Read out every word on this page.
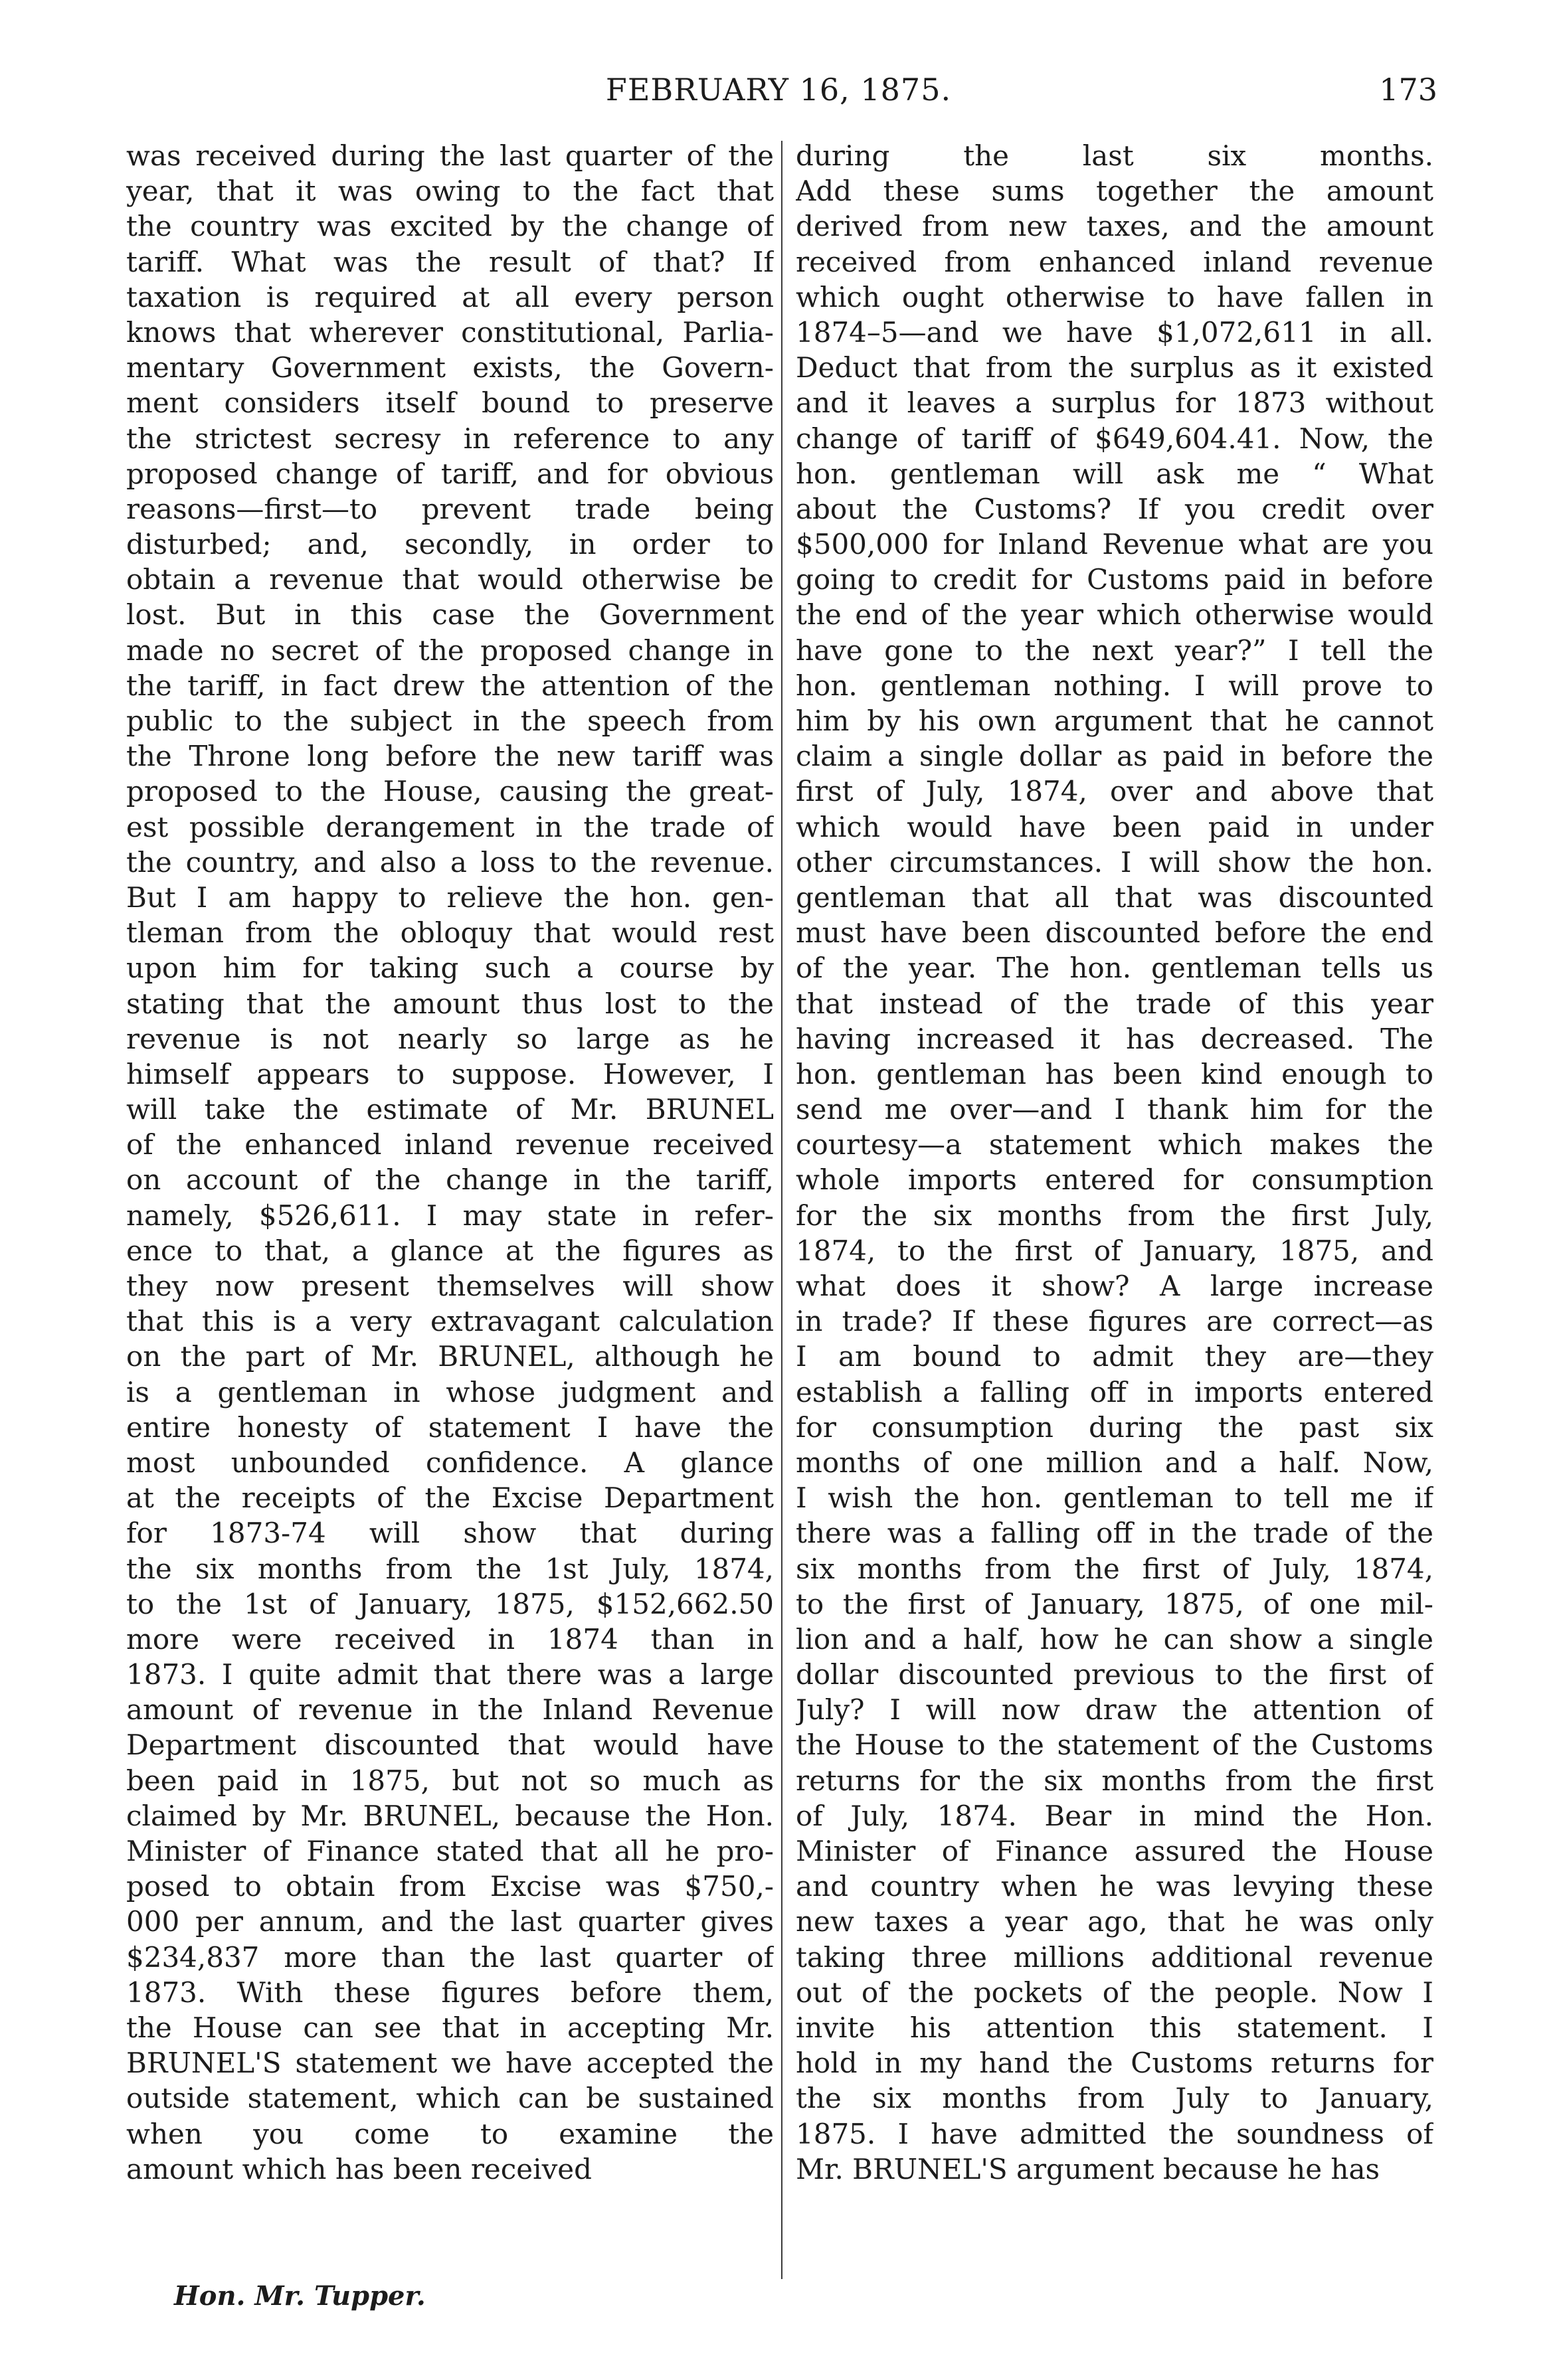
FEBRUARY 16, 1875.	173
was received during the last quarter of the
year, that it was owing to the fact that
the country was excited by the change of
tariff. What was the result of that? If
taxation is required at all every person
knows that wherever constitutional, Parlia-
mentary Government exists, the Govern-
ment considers itself bound to preserve
the strictest secresy in reference to any
proposed change of tariff, and for obvious
reasons—first—to prevent trade being
disturbed; and, secondly, in order to
obtain a revenue that would otherwise be
lost. But in this case the Government
made no secret of the proposed change in
the tariff, in fact drew the attention of the
public to the subject in the speech from
the Throne long before the new tariff was
proposed to the House, causing the great-
est possible derangement in the trade of
the country, and also a loss to the revenue.
But I am happy to relieve the hon. gen-
tleman from the obloquy that would rest
upon him for taking such a course by
stating that the amount thus lost to the
revenue is not nearly so large as he
himself appears to suppose. However, I
will take the estimate of Mr. BRUNEL
of the enhanced inland revenue received
on account of the change in the tariff,
namely, $526,611. I may state in refer-
ence to that, a glance at the figures as
they now present themselves will show
that this is a very extravagant calculation
on the part of Mr. BRUNEL, although he
is a gentleman in whose judgment and
entire honesty of statement I have the
most unbounded confidence. A glance
at the receipts of the Excise Department
for 1873-74 will show that during
the six months from the 1st July, 1874,
to the 1st of January, 1875, $152,662.50
more were received in 1874 than in
1873. I quite admit that there was a large
amount of revenue in the Inland Revenue
Department discounted that would have
been paid in 1875, but not so much as
claimed by Mr. BRUNEL, because the Hon.
Minister of Finance stated that all he pro-
posed to obtain from Excise was $750,-
000 per annum, and the last quarter gives
$234,837 more than the last quarter of
1873. With these figures before them,
the House can see that in accepting Mr.
BRUNEL'S statement we have accepted the
outside statement, which can be sustained
when you come to examine the
amount which has been received
during the last six months.
Add these sums together the amount
derived from new taxes, and the amount
received from enhanced inland revenue
which ought otherwise to have fallen in
1874–5—and we have $1,072,611 in all.
Deduct that from the surplus as it existed
and it leaves a surplus for 1873 without
change of tariff of $649,604.41. Now, the
hon. gentleman will ask me “ What
about the Customs? If you credit over
$500,000 for Inland Revenue what are you
going to credit for Customs paid in before
the end of the year which otherwise would
have gone to the next year?” I tell the
hon. gentleman nothing. I will prove to
him by his own argument that he cannot
claim a single dollar as paid in before the
first of July, 1874, over and above that
which would have been paid in under
other circumstances. I will show the hon.
gentleman that all that was discounted
must have been discounted before the end
of the year. The hon. gentleman tells us
that instead of the trade of this year
having increased it has decreased. The
hon. gentleman has been kind enough to
send me over—and I thank him for the
courtesy—a statement which makes the
whole imports entered for consumption
for the six months from the first July,
1874, to the first of January, 1875, and
what does it show? A large increase
in trade? If these figures are correct—as
I am bound to admit they are—they
establish a falling off in imports entered
for consumption during the past six
months of one million and a half. Now,
I wish the hon. gentleman to tell me if
there was a falling off in the trade of the
six months from the first of July, 1874,
to the first of January, 1875, of one mil-
lion and a half, how he can show a single
dollar discounted previous to the first of
July? I will now draw the attention of
the House to the statement of the Customs
returns for the six months from the first
of July, 1874. Bear in mind the Hon.
Minister of Finance assured the House
and country when he was levying these
new taxes a year ago, that he was only
taking three millions additional revenue
out of the pockets of the people. Now I
invite his attention this statement. I
hold in my hand the Customs returns for
the six months from July to January,
1875. I have admitted the soundness of
Mr. BRUNEL'S argument because he has
Hon. Mr. Tupper.
